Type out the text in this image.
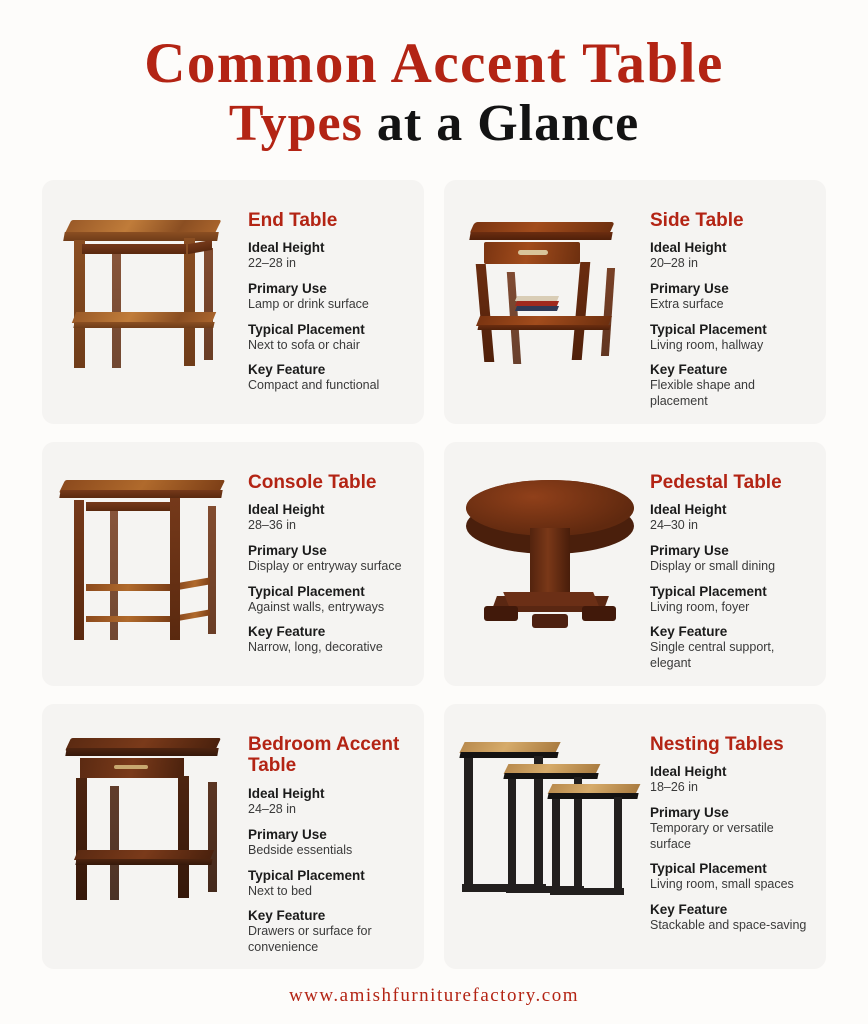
Common Accent Table
Types at a Glance
End Table
Ideal Height
22–28 in
Primary Use
Lamp or drink surface
Typical Placement
Next to sofa or chair
Key Feature
Compact and functional
Side Table
Ideal Height
20–28 in
Primary Use
Extra surface
Typical Placement
Living room, hallway
Key Feature
Flexible shape and placement
Console Table
Ideal Height
28–36 in
Primary Use
Display or entryway surface
Typical Placement
Against walls, entryways
Key Feature
Narrow, long, decorative
Pedestal Table
Ideal Height
24–30 in
Primary Use
Display or small dining
Typical Placement
Living room, foyer
Key Feature
Single central support, elegant
Bedroom Accent Table
Ideal Height
24–28 in
Primary Use
Bedside essentials
Typical Placement
Next to bed
Key Feature
Drawers or surface for convenience
Nesting Tables
Ideal Height
18–26 in
Primary Use
Temporary or versatile surface
Typical Placement
Living room, small spaces
Key Feature
Stackable and space-saving
www.amishfurniturefactory.com
